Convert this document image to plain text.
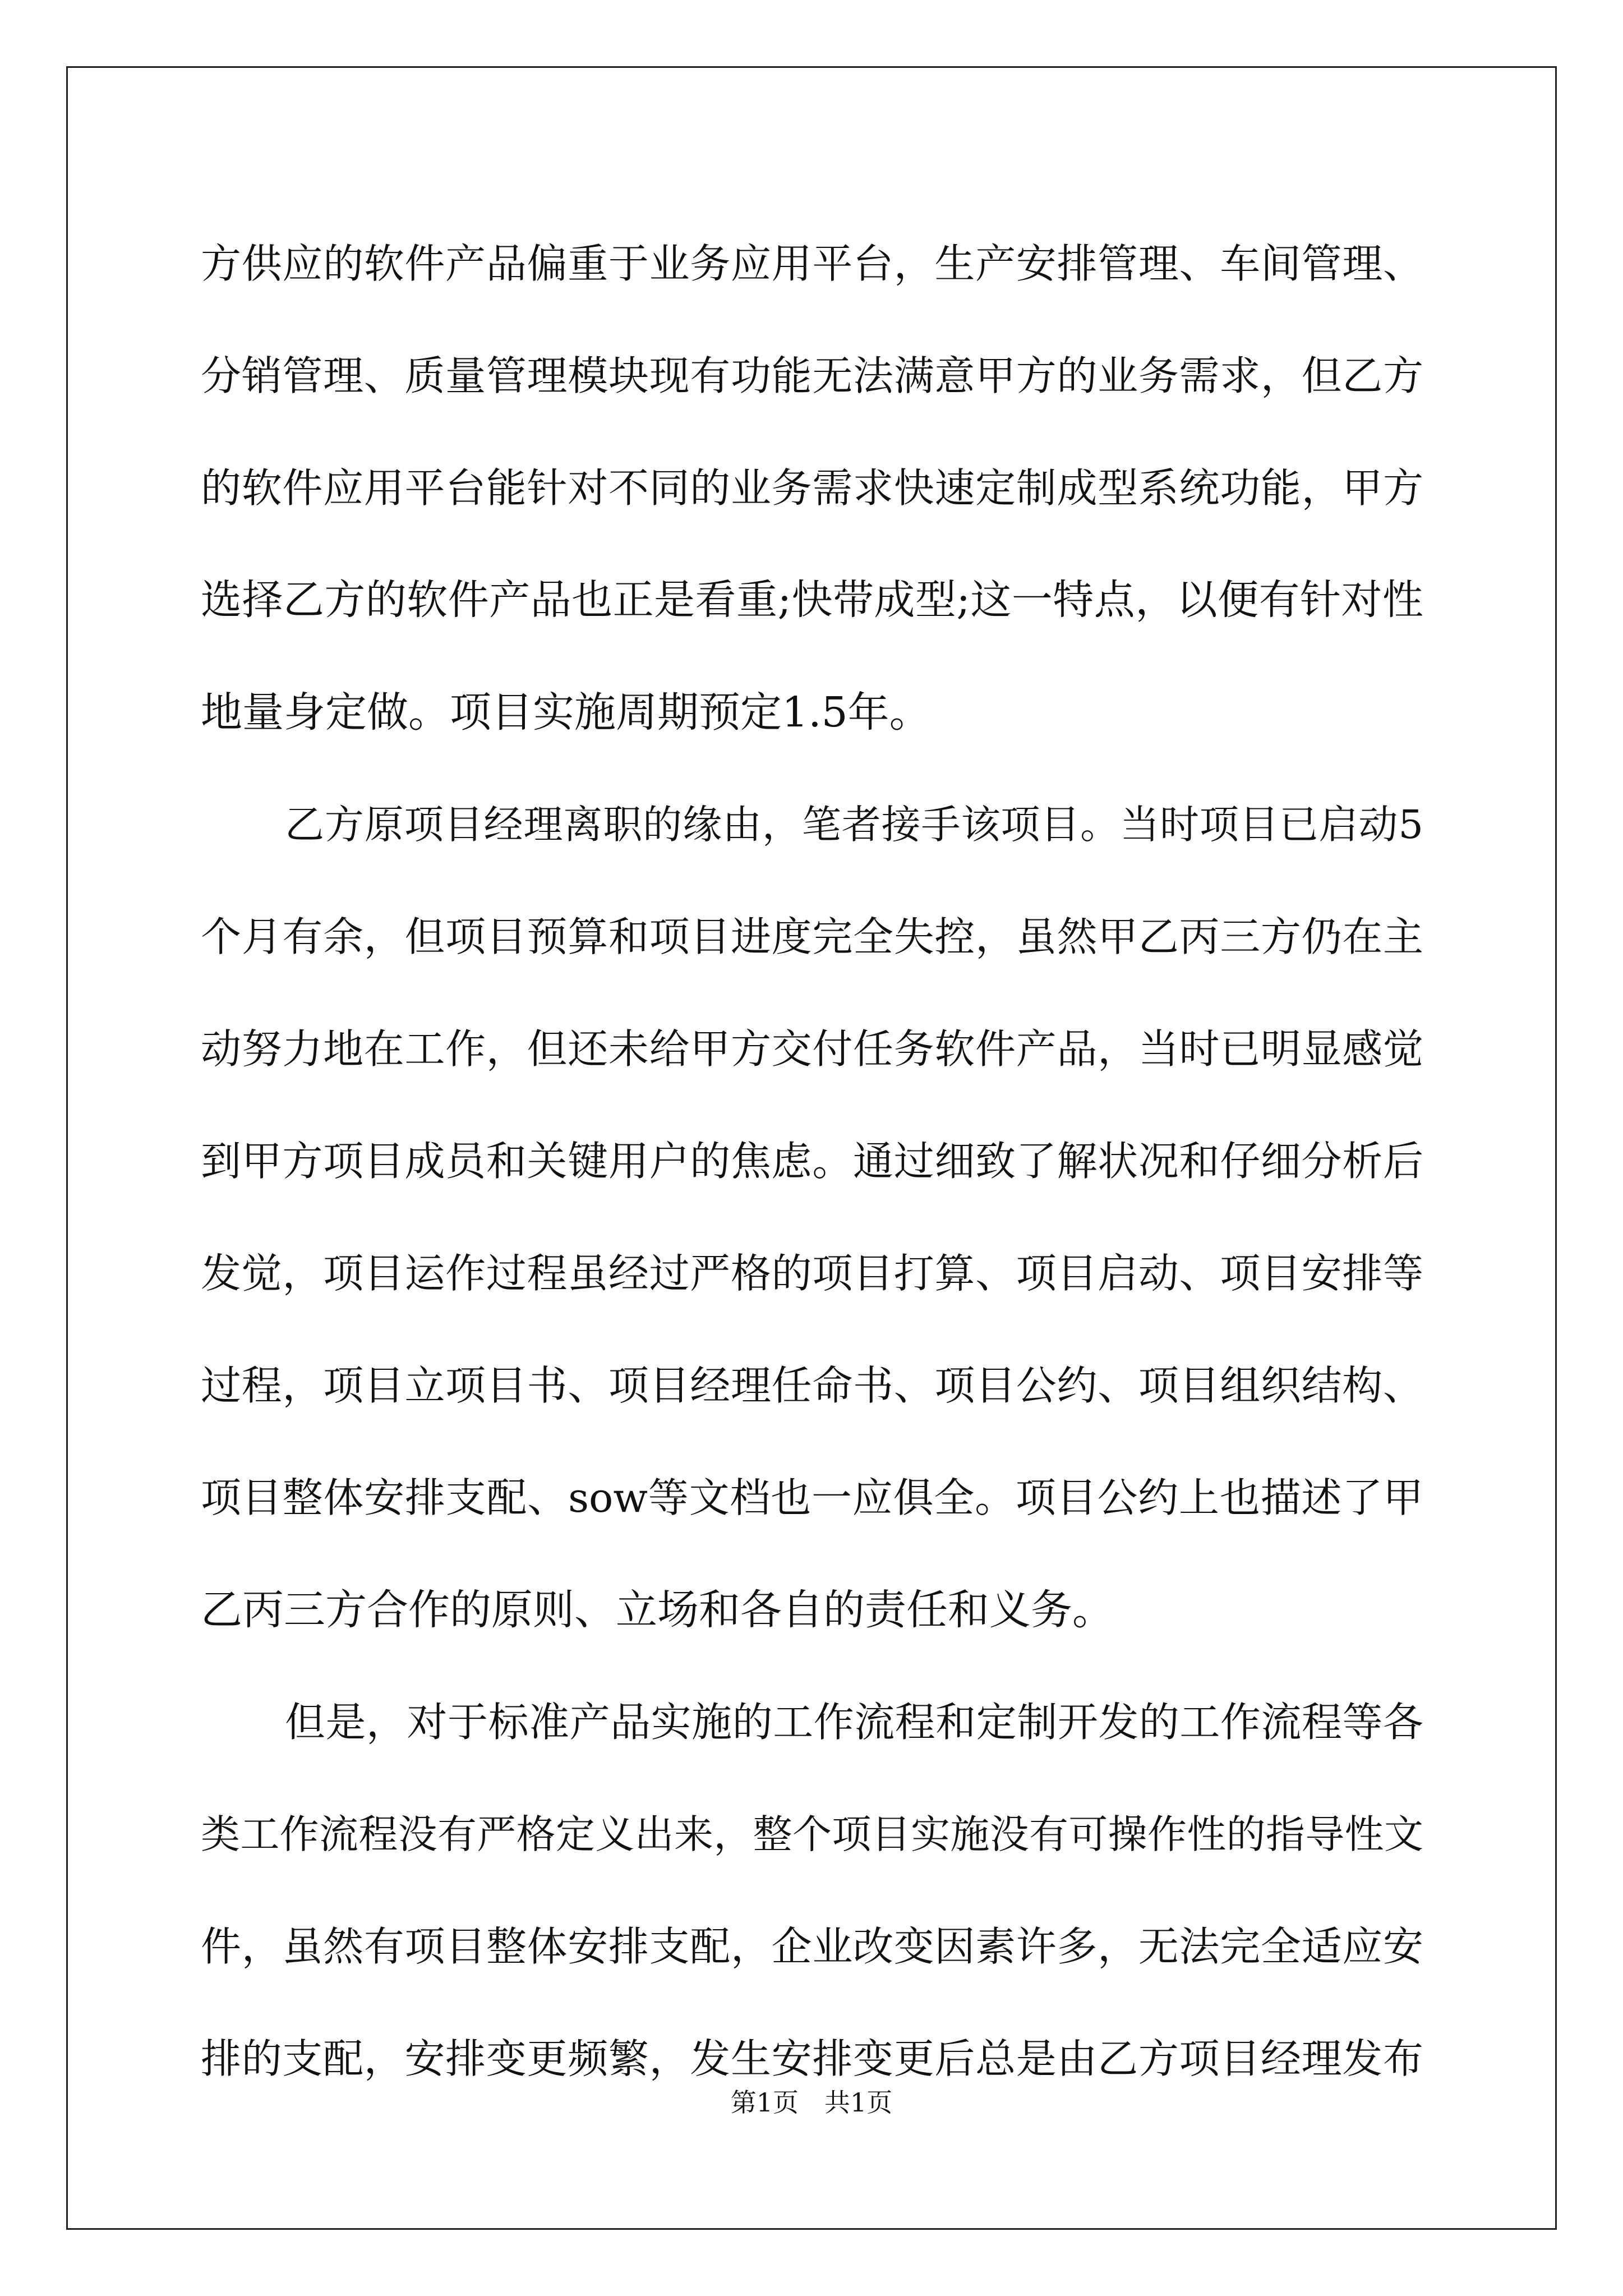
方供应的软件产品偏重于业务应用平台，生产安排管理、车间管理、
分销管理、质量管理模块现有功能无法满意甲方的业务需求，但乙方
的软件应用平台能针对不同的业务需求快速定制成型系统功能，甲方
选择乙方的软件产品也正是看重;快带成型;这一特点，以便有针对性
地量身定做。项目实施周期预定1.5年。
乙方原项目经理离职的缘由，笔者接手该项目。当时项目已启动5
个月有余，但项目预算和项目进度完全失控，虽然甲乙丙三方仍在主
动努力地在工作，但还未给甲方交付任务软件产品，当时已明显感觉
到甲方项目成员和关键用户的焦虑。通过细致了解状况和仔细分析后
发觉，项目运作过程虽经过严格的项目打算、项目启动、项目安排等
过程，项目立项目书、项目经理任命书、项目公约、项目组织结构、
项目整体安排支配、sow等文档也一应俱全。项目公约上也描述了甲
乙丙三方合作的原则、立场和各自的责任和义务。
但是，对于标准产品实施的工作流程和定制开发的工作流程等各
类工作流程没有严格定义出来，整个项目实施没有可操作性的指导性文
件，虽然有项目整体安排支配，企业改变因素许多，无法完全适应安
排的支配，安排变更频繁，发生安排变更后总是由乙方项目经理发布
第1页　共1页
